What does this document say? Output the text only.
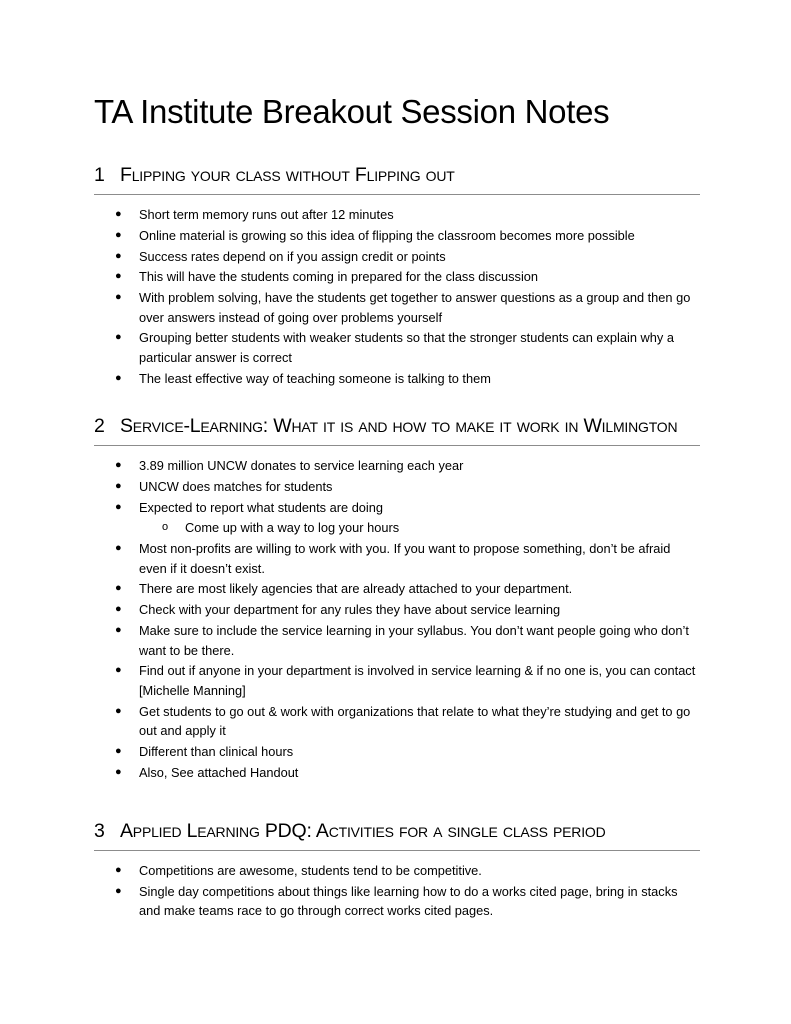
TA Institute Breakout Session Notes
1 Flipping your class without Flipping out
● Short term memory runs out after 12 minutes
● Online material is growing so this idea of flipping the classroom becomes more possible
● Success rates depend on if you assign credit or points
● This will have the students coming in prepared for the class discussion
● With problem solving, have the students get together to answer questions as a group and then go over answers instead of going over problems yourself
● Grouping better students with weaker students so that the stronger students can explain why a particular answer is correct
● The least effective way of teaching someone is talking to them
2 Service-Learning: What it is and how to make it work in Wilmington
● 3.89 million UNCW donates to service learning each year
● UNCW does matches for students
● Expected to report what students are doing
o Come up with a way to log your hours
● Most non-profits are willing to work with you. If you want to propose something, don’t be afraid even if it doesn’t exist.
● There are most likely agencies that are already attached to your department.
● Check with your department for any rules they have about service learning
● Make sure to include the service learning in your syllabus. You don’t want people going who don’t want to be there.
● Find out if anyone in your department is involved in service learning & if no one is, you can contact [Michelle Manning]
● Get students to go out & work with organizations that relate to what they’re studying and get to go out and apply it
● Different than clinical hours
● Also, See attached Handout
3 Applied Learning PDQ: Activities for a single class period
● Competitions are awesome, students tend to be competitive.
● Single day competitions about things like learning how to do a works cited page, bring in stacks and make teams race to go through correct works cited pages.
